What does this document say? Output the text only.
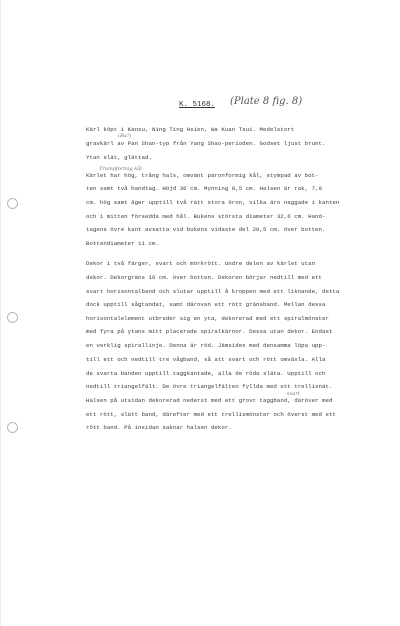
K. 5168. (Plate 8 fig. 8)
Kärl köpt i Kansu, Ning Ting Hsien, Wa Kuan Tsui. Medelstort
gravkärl av Pan Shan-typ från Yang Shao-perioden. Godset ljust brunt.
Ytan slät, glättad.
Kärlet har hög, trång hals, omvänt päronformig kål, stympad av bot-
ten samt två handtag. Höjd 36 cm. Mynning 8,5 cm. Halsen är rak, 7,9
cm. hög samt äger upptill två rätt stora öron, vilka äro naggade i kanten
och i mitten försedda med hål. Bukens största diameter 32,6 cm. Hand-
tagens övre kant avsatta vid bukens vidaste del 20,5 cm. över botten.
Bottendiameter 11 cm.
Dekor i två färger, svart och mörkrött. Undre delen av kärlet utan
dekor. Dekorgräns 16 cm. över botten. Dekoren börjar nedtill med ett
svart horisontalband och slutar upptill å kroppen med ett liknande, detta
dock upptill sågtandat, samt därovan ett rött gränsband. Mellan dessa
horisontalelement utbreder sig en yta, dekorerad med ett spiralmönster
med fyra på ytans mitt placerade spiralkärnor. Dessa utan dekor. Endast
en verklig spirallinje. Denna är röd. Jämsides med densamma löpa upp-
till ett och nedtill tre vågband, så att svart och rött omväxla. Alla
de svarta banden upptill taggkantade, alla de röda släta. Upptill och
nedtill triangelfält. De övre triangelfälten fyllda med ett trellisnät.
Halsen på utsidan dekorerad nederst med ett grovt taggband, däröver med
ett rött, slätt band, därefter med ett trellismönster och överst med ett
rött band. På insidan saknar halsen dekor.
(Ba?)
Trumpformig kål
svart
